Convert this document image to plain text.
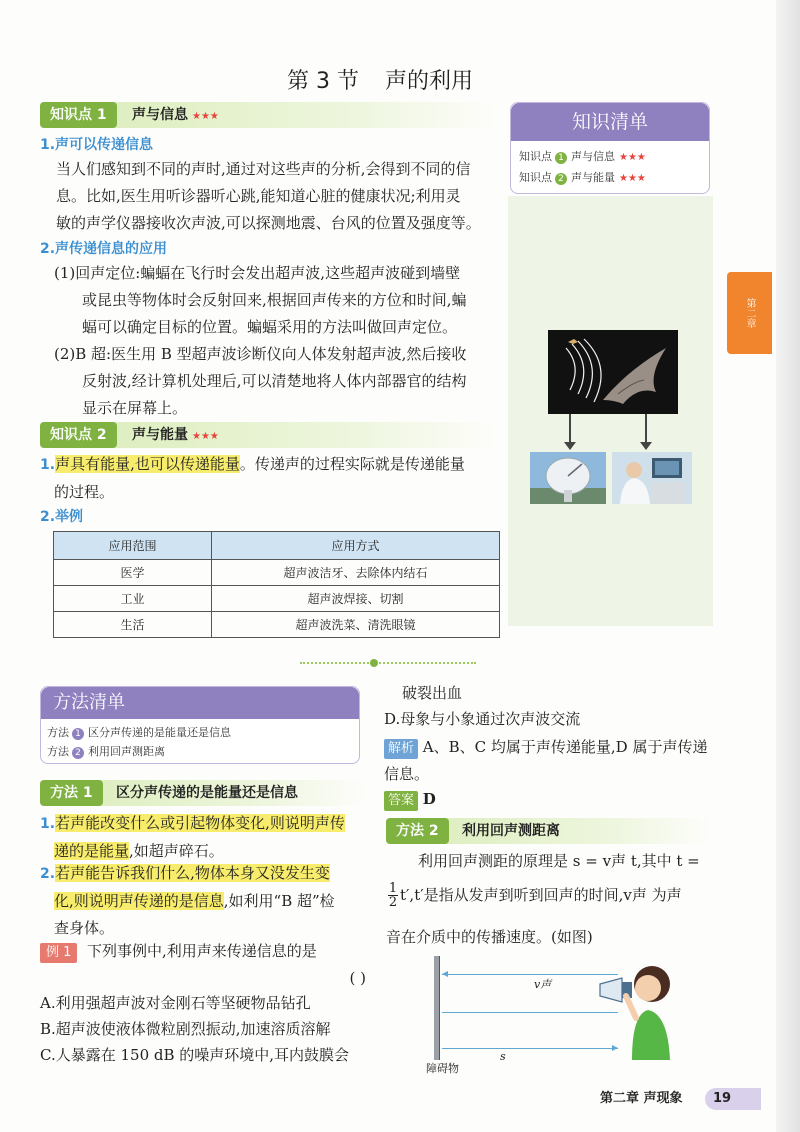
第 3 节 声的利用
知识点 1	声与信息 ★★★
1.声可以传递信息
当人们感知到不同的声时,通过对这些声的分析,会得到不同的信
息。比如,医生用听诊器听心跳,能知道心脏的健康状况;利用灵
敏的声学仪器接收次声波,可以探测地震、台风的位置及强度等。
2.声传递信息的应用
(1)回声定位:蝙蝠在飞行时会发出超声波,这些超声波碰到墙壁
或昆虫等物体时会反射回来,根据回声传来的方位和时间,蝙
蝠可以确定目标的位置。蝙蝠采用的方法叫做回声定位。
(2)B 超:医生用 B 型超声波诊断仪向人体发射超声波,然后接收
反射波,经计算机处理后,可以清楚地将人体内部器官的结构
显示在屏幕上。
知识清单
知识点 1 声与信息 ★★★
知识点 2 声与能量 ★★★
第二章
知识点 2	声与能量 ★★★
1.声具有能量,也可以传递能量。传递声的过程实际就是传递能量
的过程。
2.举例
应用范围	应用方式
医学	超声波洁牙、去除体内结石
工业	超声波焊接、切割
生活	超声波洗菜、清洗眼镜
方法清单
方法 1 区分声传递的是能量还是信息
方法 2 利用回声测距离
方法 1	区分声传递的是能量还是信息
1.若声能改变什么或引起物体变化,则说明声传
递的是能量,如超声碎石。
2.若声能告诉我们什么,物体本身又没发生变
化,则说明声传递的是信息,如利用“B 超”检
查身体。
例 1 下列事例中,利用声来传递信息的是
( )
A.利用强超声波对金刚石等坚硬物品钻孔
B.超声波使液体微粒剧烈振动,加速溶质溶解
C.人暴露在 150 dB 的噪声环境中,耳内鼓膜会
破裂出血
D.母象与小象通过次声波交流
解析 A、B、C 均属于声传递能量,D 属于声传递
信息。
答案 D
方法 2	利用回声测距离
利用回声测距的原理是 s = v声 t,其中 t =
1
2 t′,t′是指从发声到听到回声的时间,v声 为声
音在介质中的传播速度。(如图)
v声
s
障碍物
第二章 声现象	19
